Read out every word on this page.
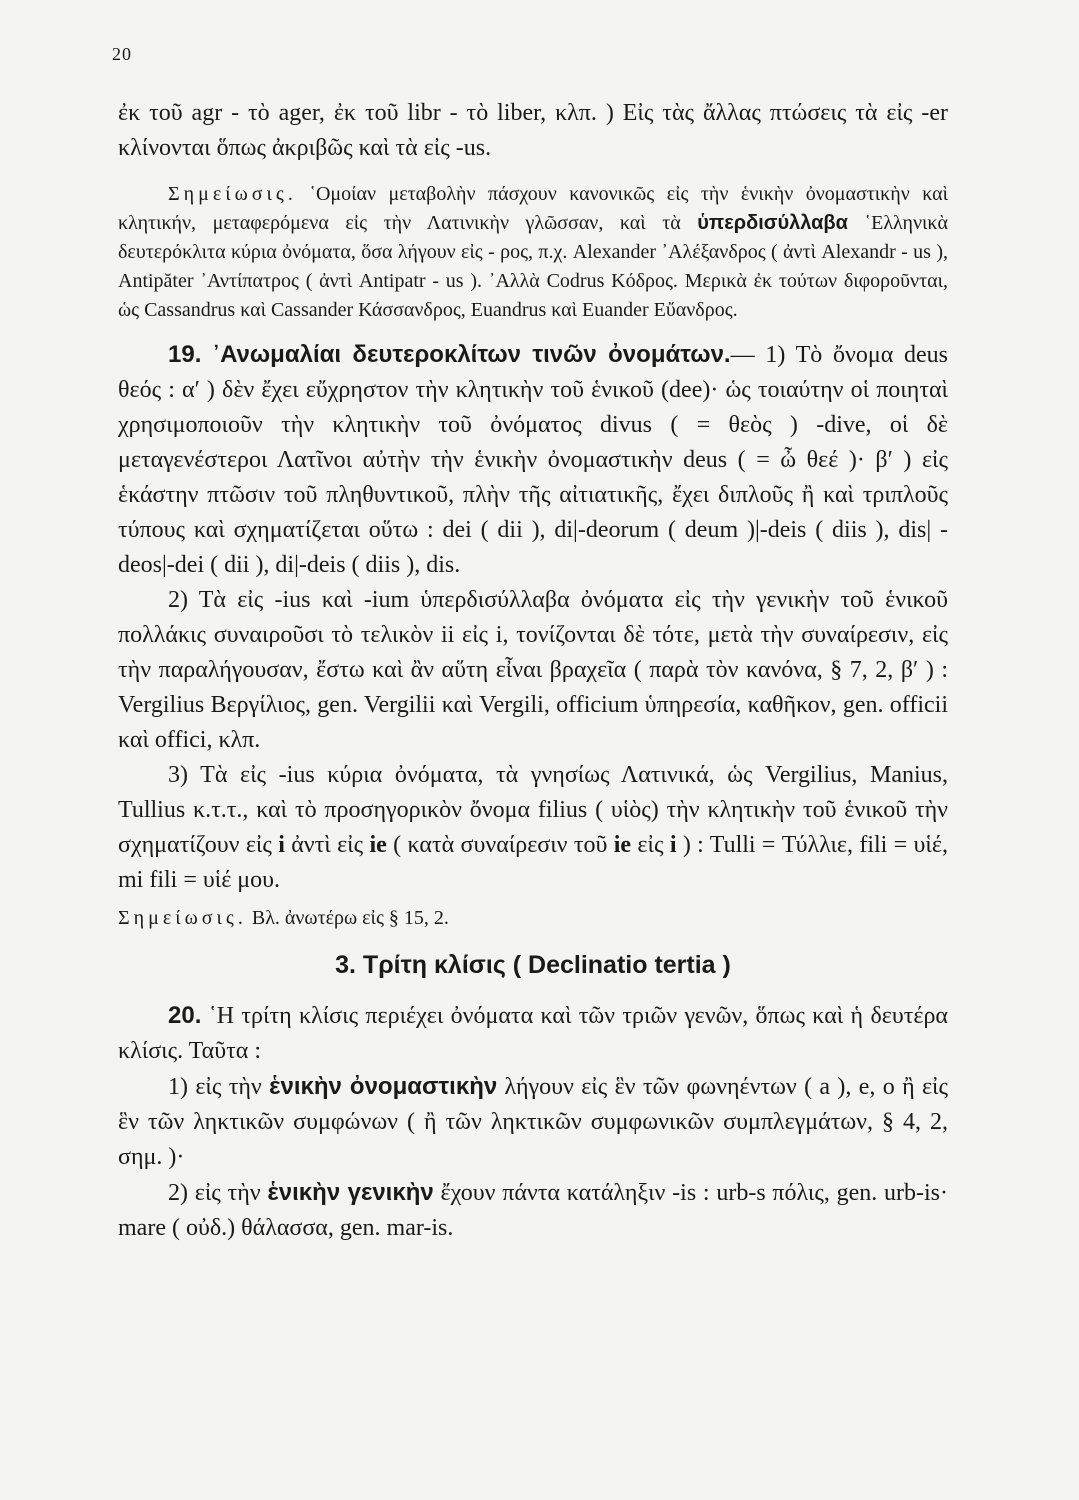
20

ἐκ τοῦ agr - τὸ ager, ἐκ τοῦ libr - τὸ liber, κλπ. ) Εἰς τὰς ἄλλας πτώσεις τὰ εἰς -er κλίνονται ὅπως ἀκριβῶς καὶ τὰ εἰς -us.

Σημείωσις. ῾Ομοίαν μεταβολὴν πάσχουν κανονικῶς εἰς τὴν ἑνικὴν ὀνομαστικὴν καὶ κλητικήν, μεταφερόμενα εἰς τὴν Λατινικὴν γλῶσσαν, καὶ τὰ ὑπερδισύλλαβα ῾Ελληνικὰ δευτερόκλιτα κύρια ὀνόματα, ὅσα λήγουν εἰς - ρος, π.χ. Alexander ᾿Αλέξανδρος ( ἀντὶ Alexandr - us ), Antipăter ᾿Αντίπατρος ( ἀντὶ Antipatr - us ). ᾿Αλλὰ Codrus Κόδρος. Μερικὰ ἐκ τούτων διφοροῦνται, ὡς Cassandrus καὶ Cassander Κάσσανδρος, Euandrus καὶ Euander Εὔανδρος.

19. ᾿Ανωμαλίαι δευτεροκλίτων τινῶν ὀνομάτων.— 1) Τὸ ὄνομα deus θεός : α′ ) δὲν ἔχει εὔχρηστον τὴν κλητικὴν τοῦ ἑνικοῦ (dee)· ὡς τοιαύτην οἱ ποιηταὶ χρησιμοποιοῦν τὴν κλητικὴν τοῦ ὀνόματος divus ( = θεὸς ) -dive, οἱ δὲ μεταγενέστεροι Λατῖνοι αὐτὴν τὴν ἑνικὴν ὀνομαστικὴν deus ( = ὦ θεέ )· β′ ) εἰς ἑκάστην πτῶσιν τοῦ πληθυντικοῦ, πλὴν τῆς αἰτιατικῆς, ἔχει διπλοῦς ἢ καὶ τριπλοῦς τύπους καὶ σχηματίζεται οὕτω : dei ( dii ), di|-deorum ( deum )|-deis ( diis ), dis| -deos|-dei ( dii ), di|-deis ( diis ), dis.

2) Τὰ εἰς -ius καὶ -ium ὑπερδισύλλαβα ὀνόματα εἰς τὴν γενικὴν τοῦ ἑνικοῦ πολλάκις συναιροῦσι τὸ τελικὸν ii εἰς i, τονίζονται δὲ τότε, μετὰ τὴν συναίρεσιν, εἰς τὴν παραλήγουσαν, ἔστω καὶ ἂν αὕτη εἶναι βραχεῖα ( παρὰ τὸν κανόνα, § 7, 2, β′ ) : Vergilius Βεργίλιος, gen. Vergilii καὶ Vergili, officium ὑπηρεσία, καθῆκον, gen. officii καὶ offici, κλπ.

3) Τὰ εἰς -ius κύρια ὀνόματα, τὰ γνησίως Λατινικά, ὡς Vergilius, Manius, Tullius κ.τ.τ., καὶ τὸ προσηγορικὸν ὄνομα filius ( υἱὸς) τὴν κλητικὴν τοῦ ἑνικοῦ τὴν σχηματίζουν εἰς i ἀντὶ εἰς ie ( κατὰ συναίρεσιν τοῦ ie εἰς i ) : Tulli = Τύλλιε, fili = υἱέ, mi fili = υἱέ μου.

Σημείωσις. Βλ. ἀνωτέρω εἰς § 15, 2.

3. Τρίτη κλίσις ( Declinatio tertia )

20. ῾Η τρίτη κλίσις περιέχει ὀνόματα καὶ τῶν τριῶν γενῶν, ὅπως καὶ ἡ δευτέρα κλίσις. Ταῦτα :

1) εἰς τὴν ἑνικὴν ὀνομαστικὴν λήγουν εἰς ἓν τῶν φωνηέντων ( a ), e, o ἢ εἰς ἓν τῶν ληκτικῶν συμφώνων ( ἢ τῶν ληκτικῶν συμφωνικῶν συμπλεγμάτων, § 4, 2, σημ. )·

2) εἰς τὴν ἑνικὴν γενικὴν ἔχουν πάντα κατάληξιν -is : urb-s πόλις, gen. urb-is· mare ( οὐδ.) θάλασσα, gen. mar-is.
